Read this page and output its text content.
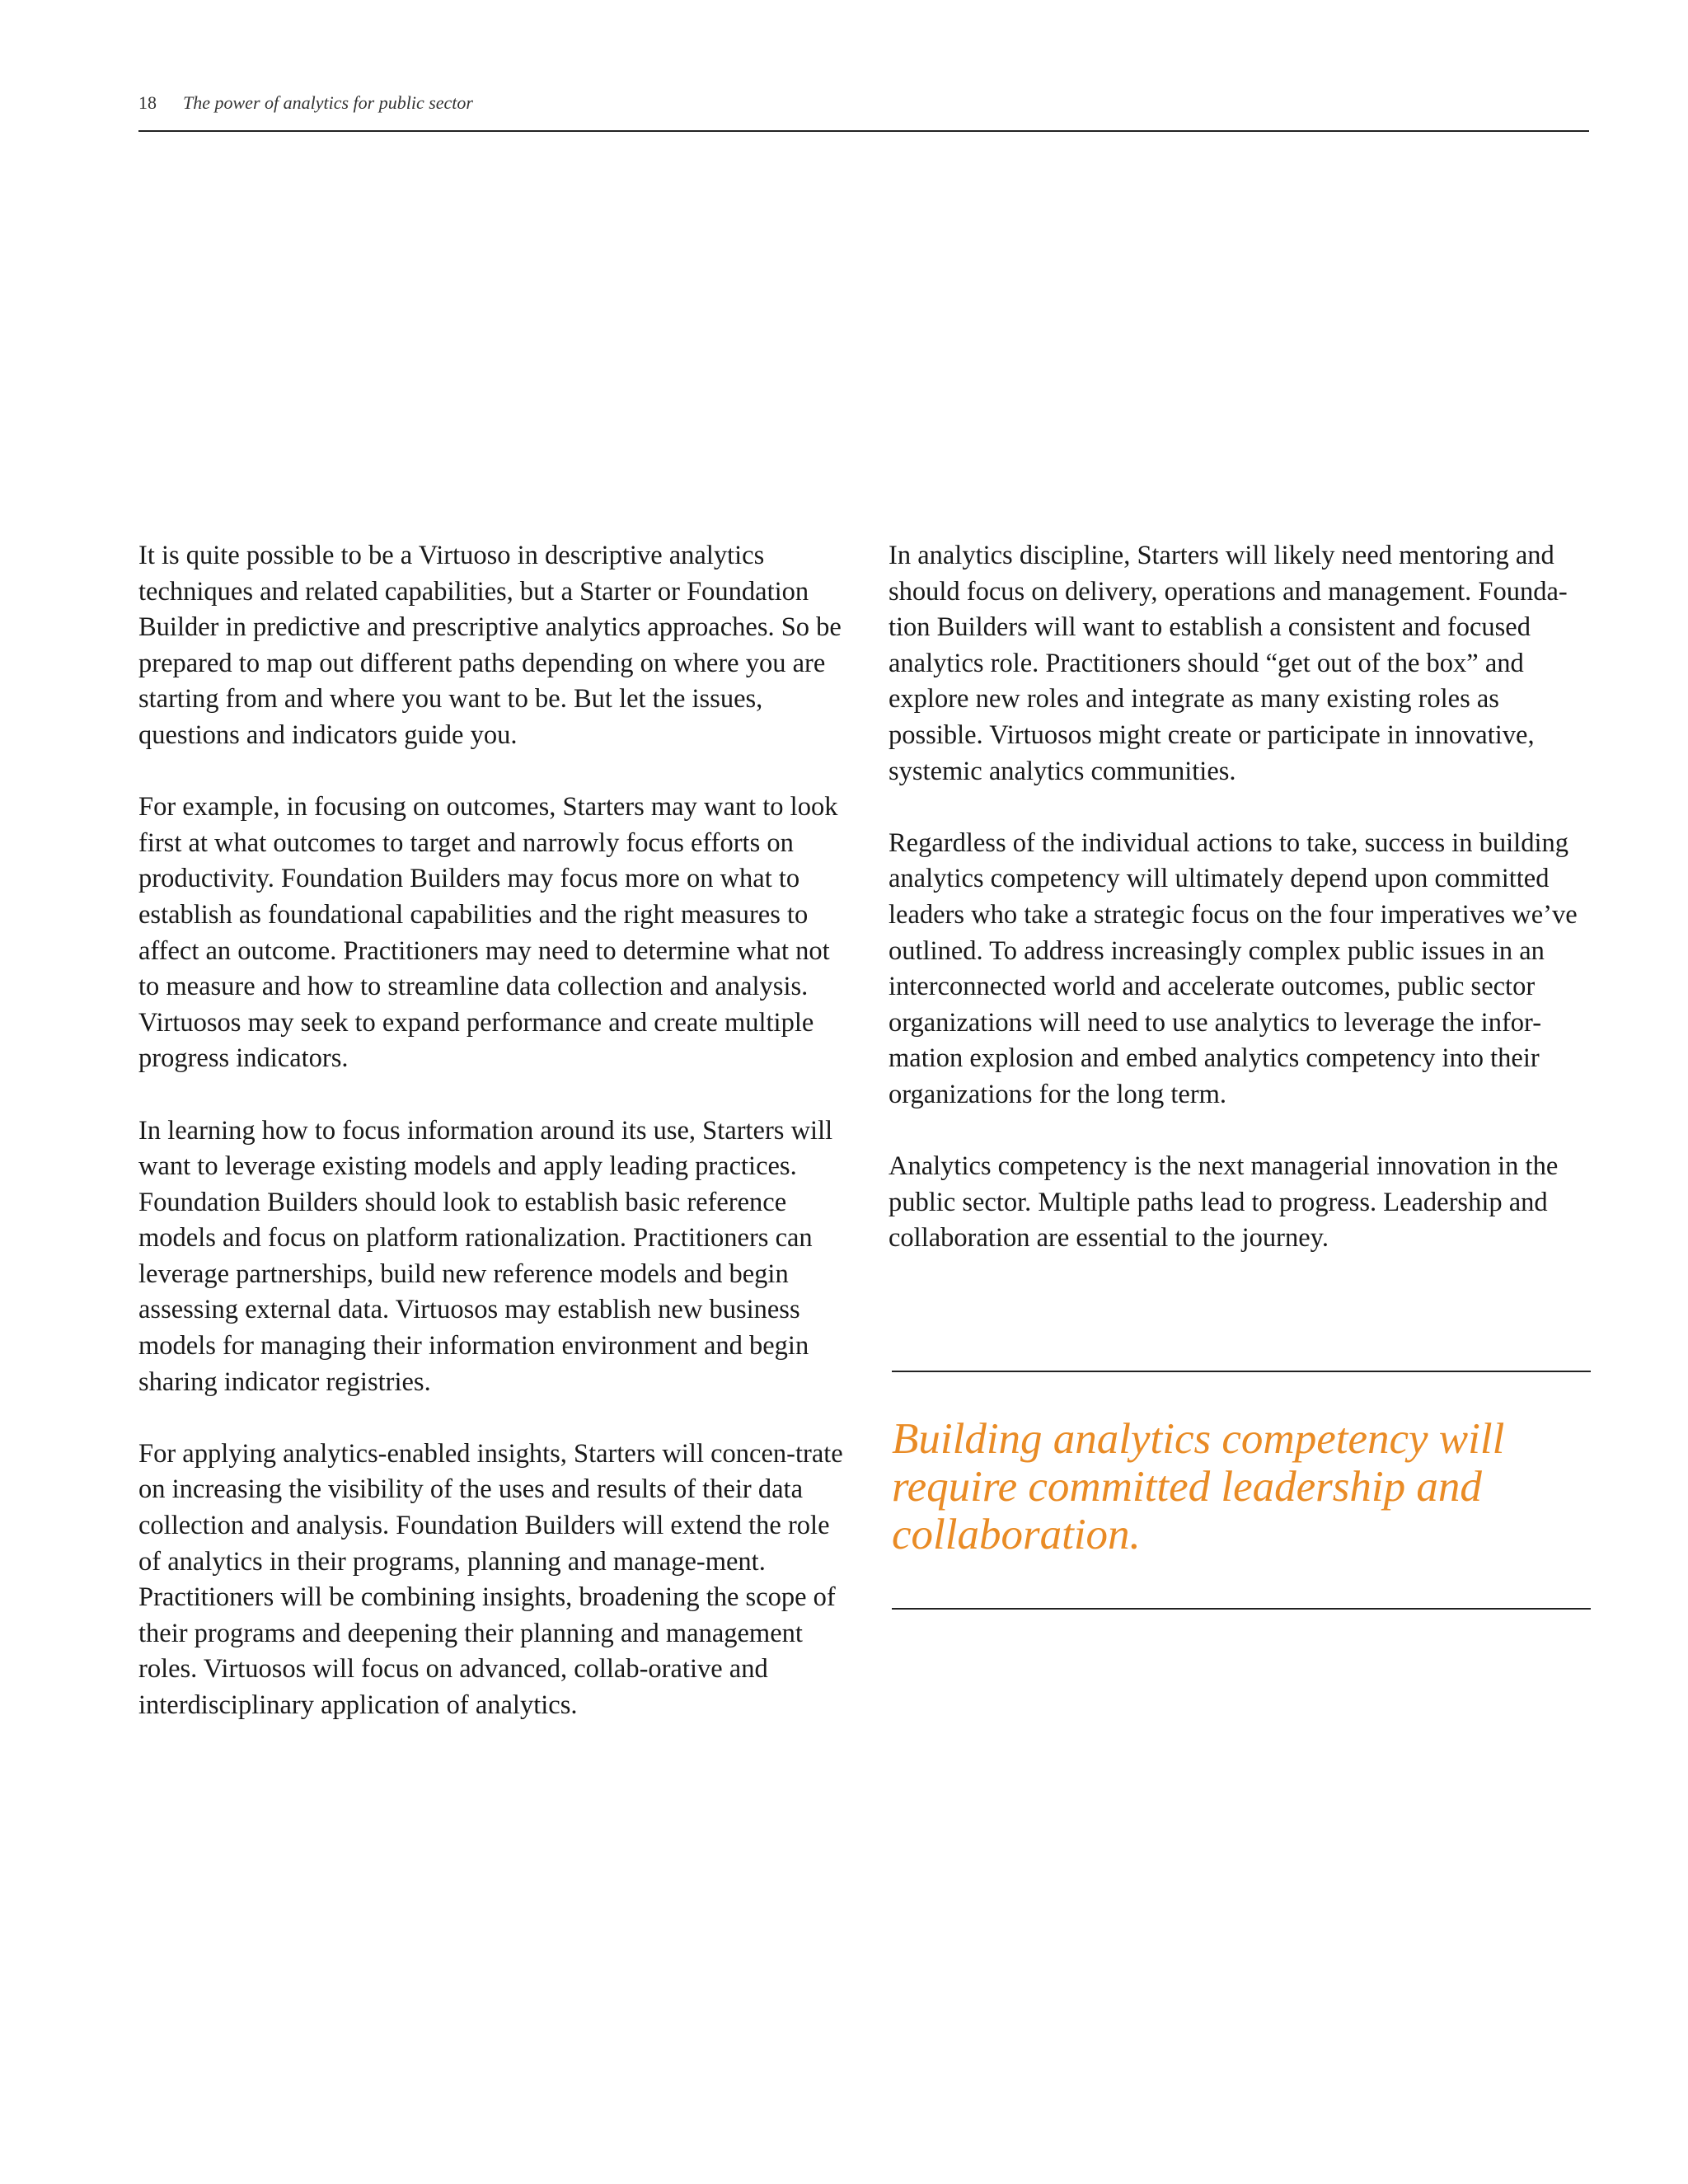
18	The power of analytics for public sector

It is quite possible to be a Virtuoso in descriptive analytics techniques and related capabilities, but a Starter or Foundation Builder in predictive and prescriptive analytics approaches. So be prepared to map out different paths depending on where you are starting from and where you want to be. But let the issues, questions and indicators guide you.

For example, in focusing on outcomes, Starters may want to look first at what outcomes to target and narrowly focus efforts on productivity. Foundation Builders may focus more on what to establish as foundational capabilities and the right measures to affect an outcome. Practitioners may need to determine what not to measure and how to streamline data collection and analysis. Virtuosos may seek to expand performance and create multiple progress indicators.

In learning how to focus information around its use, Starters will want to leverage existing models and apply leading practices. Foundation Builders should look to establish basic reference models and focus on platform rationalization. Practitioners can leverage partnerships, build new reference models and begin assessing external data. Virtuosos may establish new business models for managing their information environment and begin sharing indicator registries.

For applying analytics-enabled insights, Starters will concen-trate on increasing the visibility of the uses and results of their data collection and analysis. Foundation Builders will extend the role of analytics in their programs, planning and manage-ment. Practitioners will be combining insights, broadening the scope of their programs and deepening their planning and management roles. Virtuosos will focus on advanced, collab-orative and interdisciplinary application of analytics.

In analytics discipline, Starters will likely need mentoring and should focus on delivery, operations and management. Founda-tion Builders will want to establish a consistent and focused analytics role. Practitioners should “get out of the box” and explore new roles and integrate as many existing roles as possible. Virtuosos might create or participate in innovative, systemic analytics communities.

Regardless of the individual actions to take, success in building analytics competency will ultimately depend upon committed leaders who take a strategic focus on the four imperatives we’ve outlined. To address increasingly complex public issues in an interconnected world and accelerate outcomes, public sector organizations will need to use analytics to leverage the infor-mation explosion and embed analytics competency into their organizations for the long term.

Analytics competency is the next managerial innovation in the public sector. Multiple paths lead to progress. Leadership and collaboration are essential to the journey.

Building analytics competency will require committed leadership and collaboration.
